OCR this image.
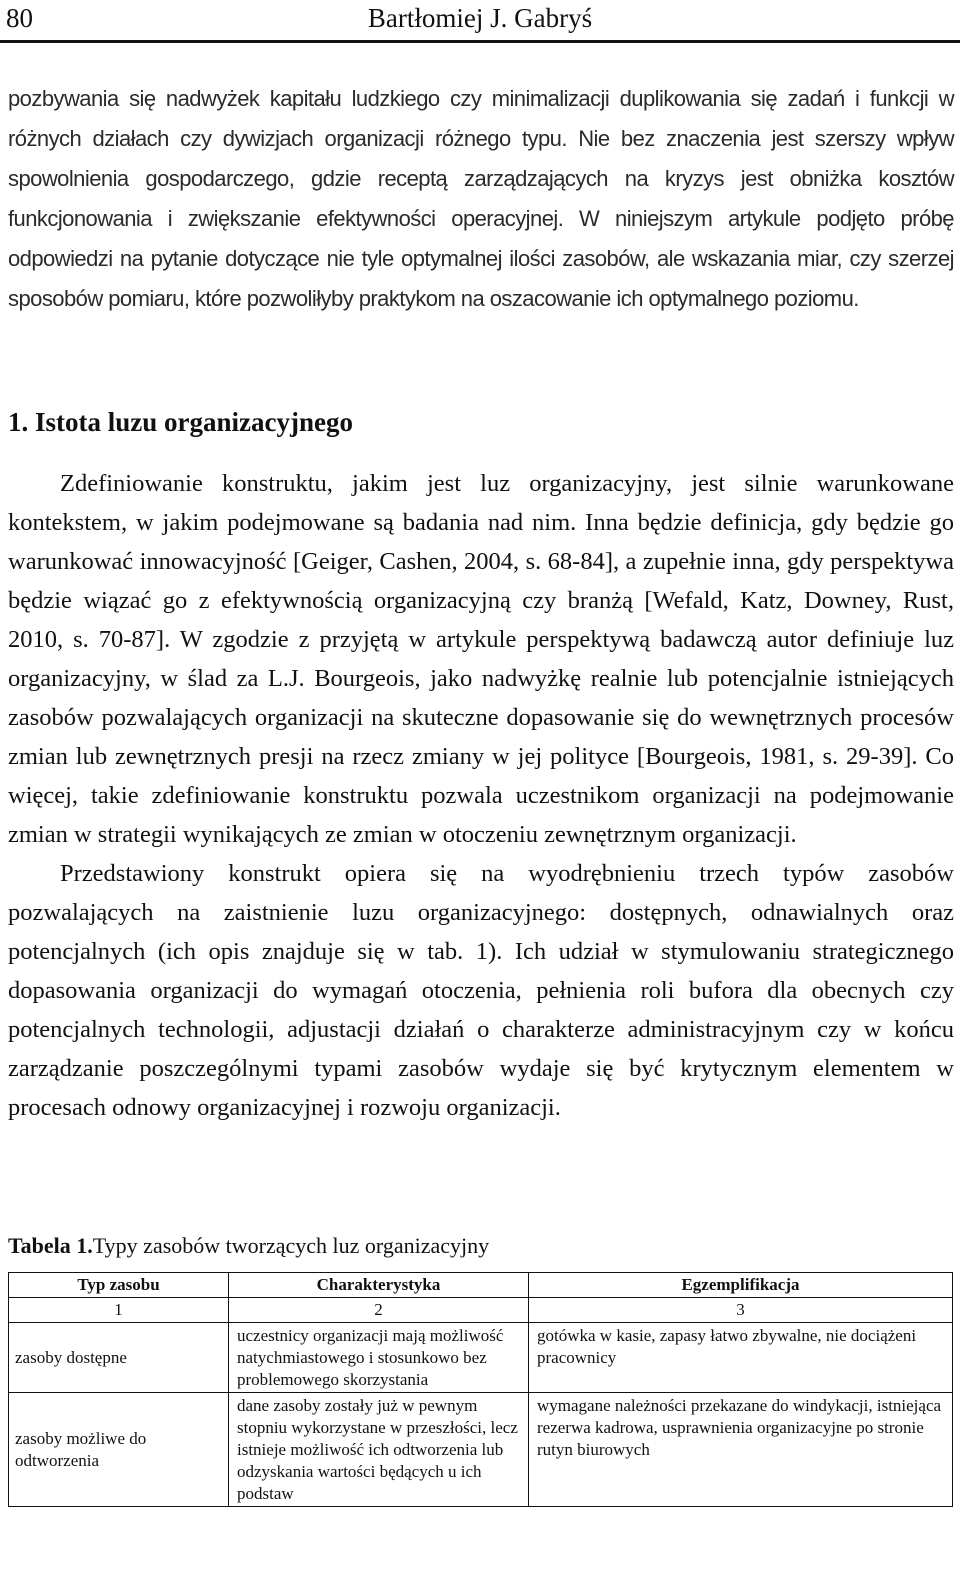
80	Bartłomiej J. Gabryś

pozbywania się nadwyżek kapitału ludzkiego czy minimalizacji duplikowania się zadań i funkcji w różnych działach czy dywizjach organizacji różnego typu. Nie bez znaczenia jest szerszy wpływ spowolnienia gospodarczego, gdzie receptą zarządzających na kryzys jest obniżka kosztów funkcjonowania i zwiększanie efektywności operacyjnej. W niniejszym artykule podjęto próbę odpowiedzi na pytanie dotyczące nie tyle optymalnej ilości zasobów, ale wskazania miar, czy szerzej sposobów pomiaru, które pozwoliłyby praktykom na oszacowanie ich optymalnego poziomu.

1. Istota luzu organizacyjnego

Zdefiniowanie konstruktu, jakim jest luz organizacyjny, jest silnie warunkowane kontekstem, w jakim podejmowane są badania nad nim. Inna będzie definicja, gdy będzie go warunkować innowacyjność [Geiger, Cashen, 2004, s. 68-84], a zupełnie inna, gdy perspektywa będzie wiązać go z efektywnością organizacyjną czy branżą [Wefald, Katz, Downey, Rust, 2010, s. 70-87]. W zgodzie z przyjętą w artykule perspektywą badawczą autor definiuje luz organizacyjny, w ślad za L.J. Bourgeois, jako nadwyżkę realnie lub potencjalnie istniejących zasobów pozwalających organizacji na skuteczne dopasowanie się do wewnętrznych procesów zmian lub zewnętrznych presji na rzecz zmiany w jej polityce [Bourgeois, 1981, s. 29-39]. Co więcej, takie zdefiniowanie konstruktu pozwala uczestnikom organizacji na podejmowanie zmian w strategii wynikających ze zmian w otoczeniu zewnętrznym organizacji.

Przedstawiony konstrukt opiera się na wyodrębnieniu trzech typów zasobów pozwalających na zaistnienie luzu organizacyjnego: dostępnych, odnawialnych oraz potencjalnych (ich opis znajduje się w tab. 1). Ich udział w stymulowaniu strategicznego dopasowania organizacji do wymagań otoczenia, pełnienia roli bufora dla obecnych czy potencjalnych technologii, adjustacji działań o charakterze administracyjnym czy w końcu zarządzanie poszczególnymi typami zasobów wydaje się być krytycznym elementem w procesach odnowy organizacyjnej i rozwoju organizacji.

Tabela 1.Typy zasobów tworzących luz organizacyjny

Typ zasobu	Charakterystyka	Egzemplifikacja
1	2	3
zasoby dostępne	uczestnicy organizacji mają możliwość natychmiastowego i stosunkowo bez problemowego skorzystania	gotówka w kasie, zapasy łatwo zbywalne, nie dociążeni pracownicy
zasoby możliwe do odtworzenia	dane zasoby zostały już w pewnym stopniu wykorzystane w przeszłości, lecz istnieje możliwość ich odtworzenia lub odzyskania wartości będących u ich podstaw	wymagane należności przekazane do windykacji, istniejąca rezerwa kadrowa, usprawnienia organizacyjne po stronie rutyn biurowych
